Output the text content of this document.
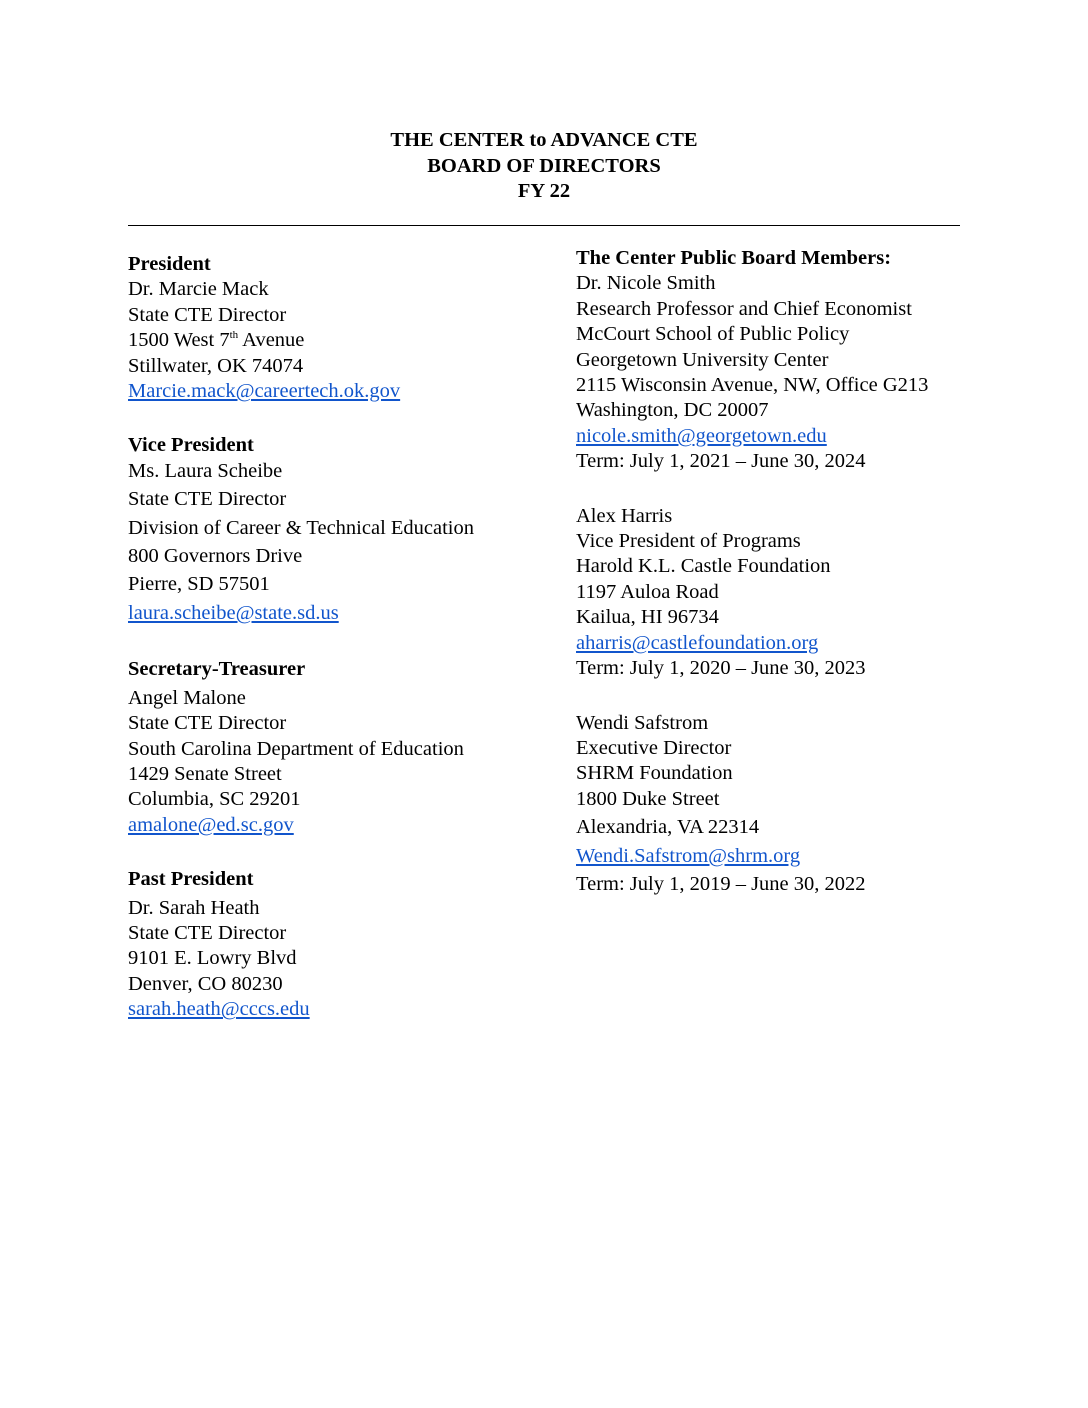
THE CENTER to ADVANCE CTE
BOARD OF DIRECTORS
FY 22
President
Dr. Marcie Mack
State CTE Director
1500 West 7th Avenue
Stillwater, OK 74074
Marcie.mack@careertech.ok.gov
Vice President
Ms. Laura Scheibe
State CTE Director
Division of Career & Technical Education
800 Governors Drive
Pierre, SD 57501
laura.scheibe@state.sd.us
Secretary-Treasurer
Angel Malone
State CTE Director
South Carolina Department of Education
1429 Senate Street
Columbia, SC 29201
amalone@ed.sc.gov
Past President
Dr. Sarah Heath
State CTE Director
9101 E. Lowry Blvd
Denver, CO 80230
sarah.heath@cccs.edu
The Center Public Board Members:
Dr. Nicole Smith
Research Professor and Chief Economist
McCourt School of Public Policy
Georgetown University Center
2115 Wisconsin Avenue, NW, Office G213
Washington, DC 20007
nicole.smith@georgetown.edu
Term: July 1, 2021 – June 30, 2024
Alex Harris
Vice President of Programs
Harold K.L. Castle Foundation
1197 Auloa Road
Kailua, HI 96734
aharris@castlefoundation.org
Term: July 1, 2020 – June 30, 2023
Wendi Safstrom
Executive Director
SHRM Foundation
1800 Duke Street
Alexandria, VA 22314
Wendi.Safstrom@shrm.org
Term: July 1, 2019 – June 30, 2022
